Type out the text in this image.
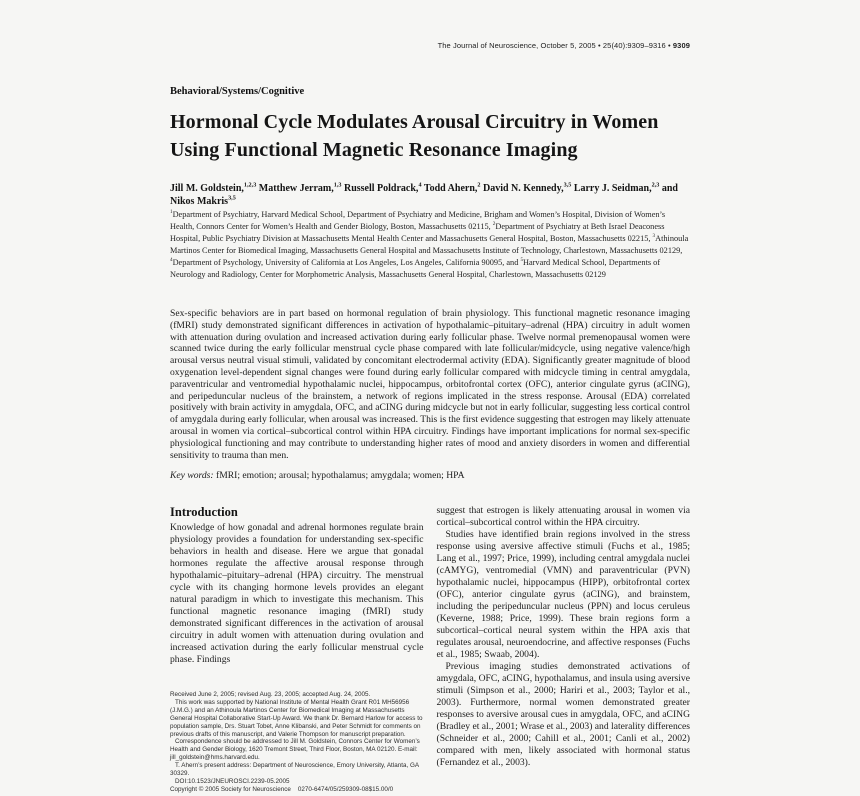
The Journal of Neuroscience, October 5, 2005 • 25(40):9309–9316 • 9309
Behavioral/Systems/Cognitive
Hormonal Cycle Modulates Arousal Circuitry in Women
Using Functional Magnetic Resonance Imaging
Jill M. Goldstein,$^{1,2,3}$ Matthew Jerram,$^{1,3}$ Russell Poldrack,$^4$ Todd Ahern,$^2$ David N. Kennedy,$^{3,5}$ Larry J. Seidman,$^{2,3}$ and Nikos Makris$^{3,5}$
$^1$Department of Psychiatry, Harvard Medical School, Department of Psychiatry and Medicine, Brigham and Women’s Hospital, Division of Women’s Health, Connors Center for Women’s Health and Gender Biology, Boston, Massachusetts 02115, $^2$Department of Psychiatry at Beth Israel Deaconess Hospital, Public Psychiatry Division at Massachusetts Mental Health Center and Massachusetts General Hospital, Boston, Massachusetts 02215, $^3$Athinoula Martinos Center for Biomedical Imaging, Massachusetts General Hospital and Massachusetts Institute of Technology, Charlestown, Massachusetts 02129, $^4$Department of Psychology, University of California at Los Angeles, Los Angeles, California 90095, and $^5$Harvard Medical School, Departments of Neurology and Radiology, Center for Morphometric Analysis, Massachusetts General Hospital, Charlestown, Massachusetts 02129
Sex-specific behaviors are in part based on hormonal regulation of brain physiology. This functional magnetic resonance imaging (fMRI) study demonstrated significant differences in activation of hypothalamic–pituitary–adrenal (HPA) circuitry in adult women with attenuation during ovulation and increased activation during early follicular phase. Twelve normal premenopausal women were scanned twice during the early follicular menstrual cycle phase compared with late follicular/midcycle, using negative valence/high arousal versus neutral visual stimuli, validated by concomitant electrodermal activity (EDA). Significantly greater magnitude of blood oxygenation level-dependent signal changes were found during early follicular compared with midcycle timing in central amygdala, paraventricular and ventromedial hypothalamic nuclei, hippocampus, orbitofrontal cortex (OFC), anterior cingulate gyrus (aCING), and peripeduncular nucleus of the brainstem, a network of regions implicated in the stress response. Arousal (EDA) correlated positively with brain activity in amygdala, OFC, and aCING during midcycle but not in early follicular, suggesting less cortical control of amygdala during early follicular, when arousal was increased. This is the first evidence suggesting that estrogen may likely attenuate arousal in women via cortical–subcortical control within HPA circuitry. Findings have important implications for normal sex-specific physiological functioning and may contribute to understanding higher rates of mood and anxiety disorders in women and differential sensitivity to trauma than men.
Key words: fMRI; emotion; arousal; hypothalamus; amygdala; women; HPA
Introduction

Knowledge of how gonadal and adrenal hormones regulate brain physiology provides a foundation for understanding sex-specific behaviors in health and disease. Here we argue that gonadal hormones regulate the affective arousal response through hypothalamic–pituitary–adrenal (HPA) circuitry. The menstrual cycle with its changing hormone levels provides an elegant natural paradigm in which to investigate this mechanism. This functional magnetic resonance imaging (fMRI) study demonstrated significant differences in the activation of arousal circuitry in adult women with attenuation during ovulation and increased activation during the early follicular menstrual cycle phase. Findings

Received June 2, 2005; revised Aug. 23, 2005; accepted Aug. 24, 2005.

This work was supported by National Institute of Mental Health Grant R01 MH56956 (J.M.G.) and an Athinoula Martinos Center for Biomedical Imaging at Massachusetts General Hospital Collaborative Start-Up Award. We thank Dr. Bernard Harlow for access to population sample, Drs. Stuart Tobet, Anne Klibanski, and Peter Schmidt for comments on previous drafts of this manuscript, and Valerie Thompson for manuscript preparation.

Correspondence should be addressed to Jill M. Goldstein, Connors Center for Women’s Health and Gender Biology, 1620 Tremont Street, Third Floor, Boston, MA 02120. E-mail: jill_goldstein@hms.harvard.edu.

T. Ahern’s present address: Department of Neuroscience, Emory University, Atlanta, GA 30329.

DOI:10.1523/JNEUROSCI.2239-05.2005

Copyright © 2005 Society for Neuroscience    0270-6474/05/259309-08$15.00/0

suggest that estrogen is likely attenuating arousal in women via cortical–subcortical control within the HPA circuitry.

Studies have identified brain regions involved in the stress response using aversive affective stimuli (Fuchs et al., 1985; Lang et al., 1997; Price, 1999), including central amygdala nuclei (cAMYG), ventromedial (VMN) and paraventricular (PVN) hypothalamic nuclei, hippocampus (HIPP), orbitofrontal cortex (OFC), anterior cingulate gyrus (aCING), and brainstem, including the peripeduncular nucleus (PPN) and locus ceruleus (Keverne, 1988; Price, 1999). These brain regions form a subcortical–cortical neural system within the HPA axis that regulates arousal, neuroendocrine, and affective responses (Fuchs et al., 1985; Swaab, 2004).

Previous imaging studies demonstrated activations of amygdala, OFC, aCING, hypothalamus, and insula using aversive stimuli (Simpson et al., 2000; Hariri et al., 2003; Taylor et al., 2003). Furthermore, normal women demonstrated greater responses to aversive arousal cues in amygdala, OFC, and aCING (Bradley et al., 2001; Wrase et al., 2003) and laterality differences (Schneider et al., 2000; Cahill et al., 2001; Canli et al., 2002) compared with men, likely associated with hormonal status (Fernandez et al., 2003).
